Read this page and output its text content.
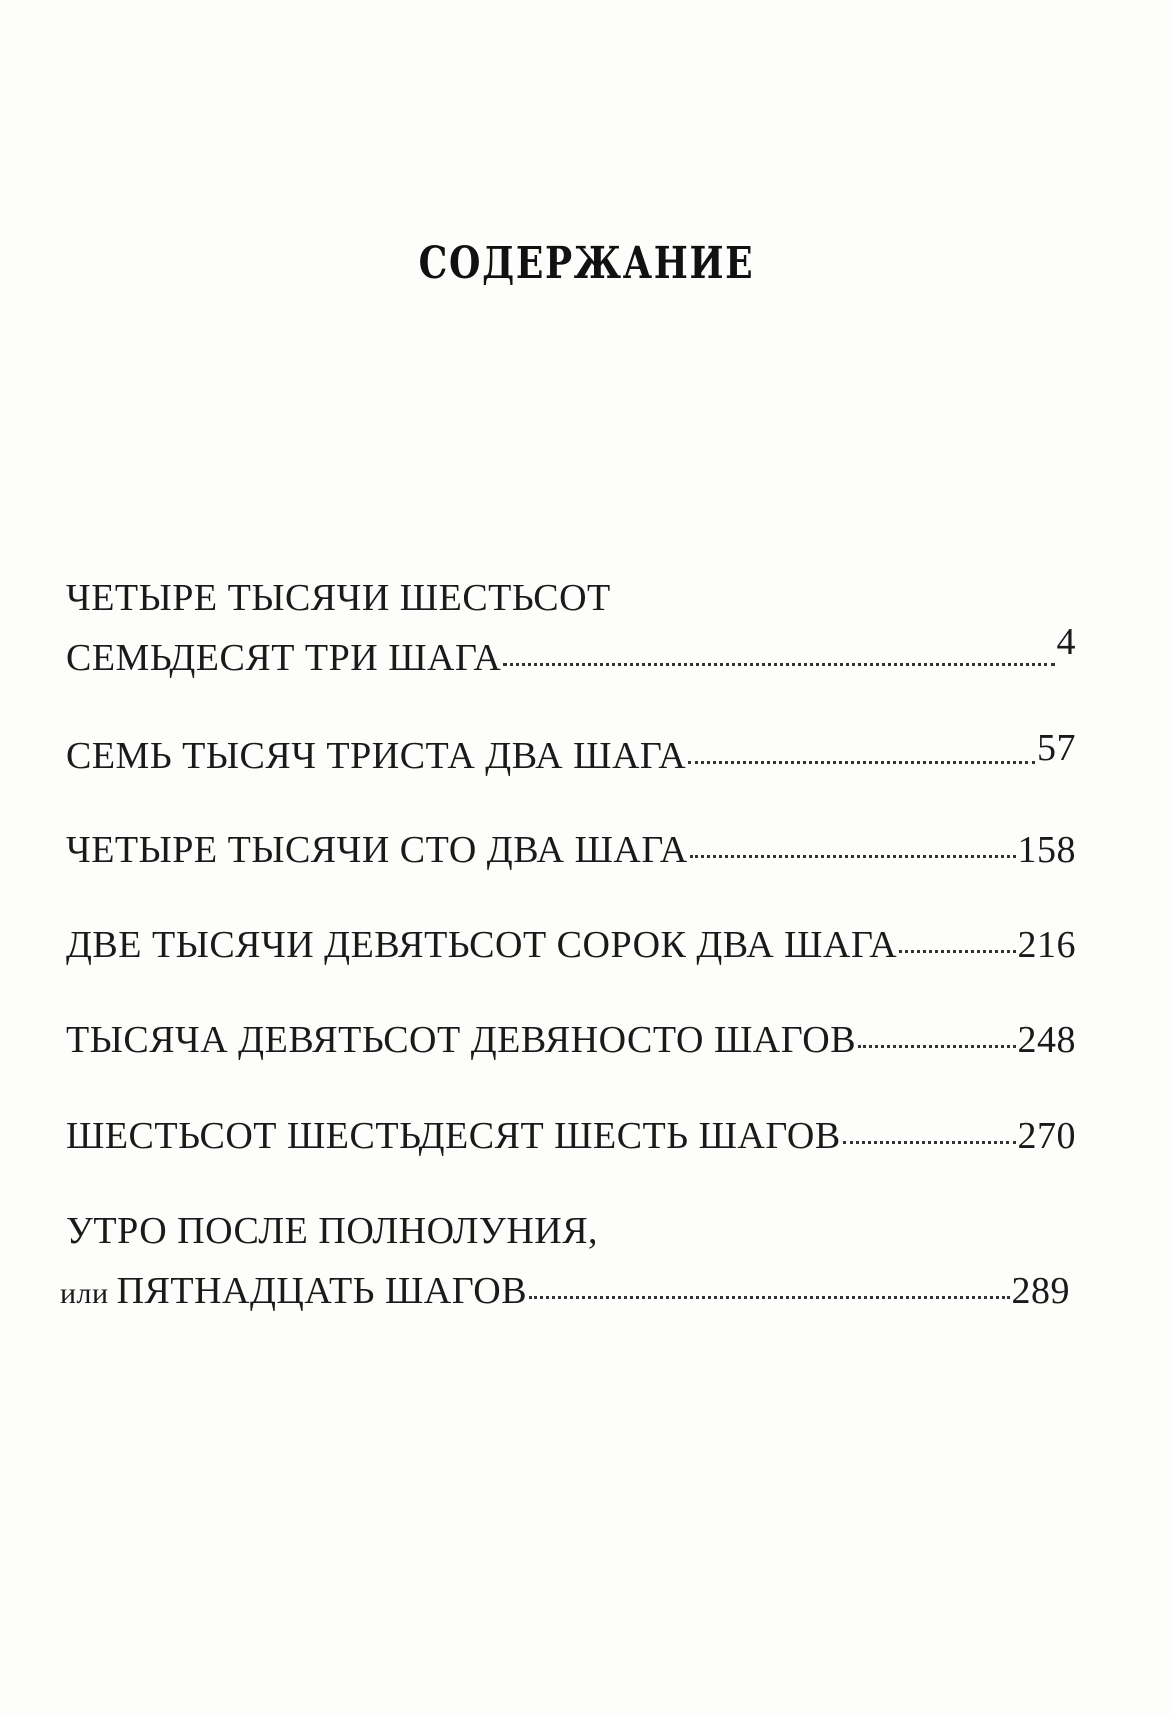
СОДЕРЖАНИЕ
ЧЕТЫРЕ ТЫСЯЧИ ШЕСТЬСОТ
СЕМЬДЕСЯТ ТРИ ШАГА	4
СЕМЬ ТЫСЯЧ ТРИСТА ДВА ШАГА	57
ЧЕТЫРЕ ТЫСЯЧИ СТО ДВА ШАГА	158
ДВЕ ТЫСЯЧИ ДЕВЯТЬСОТ СОРОК ДВА ШАГА	216
ТЫСЯЧА ДЕВЯТЬСОТ ДЕВЯНОСТО ШАГОВ	248
ШЕСТЬСОТ ШЕСТЬДЕСЯТ ШЕСТЬ ШАГОВ	270
УТРО ПОСЛЕ ПОЛНОЛУНИЯ,
или ПЯТНАДЦАТЬ ШАГОВ	289
